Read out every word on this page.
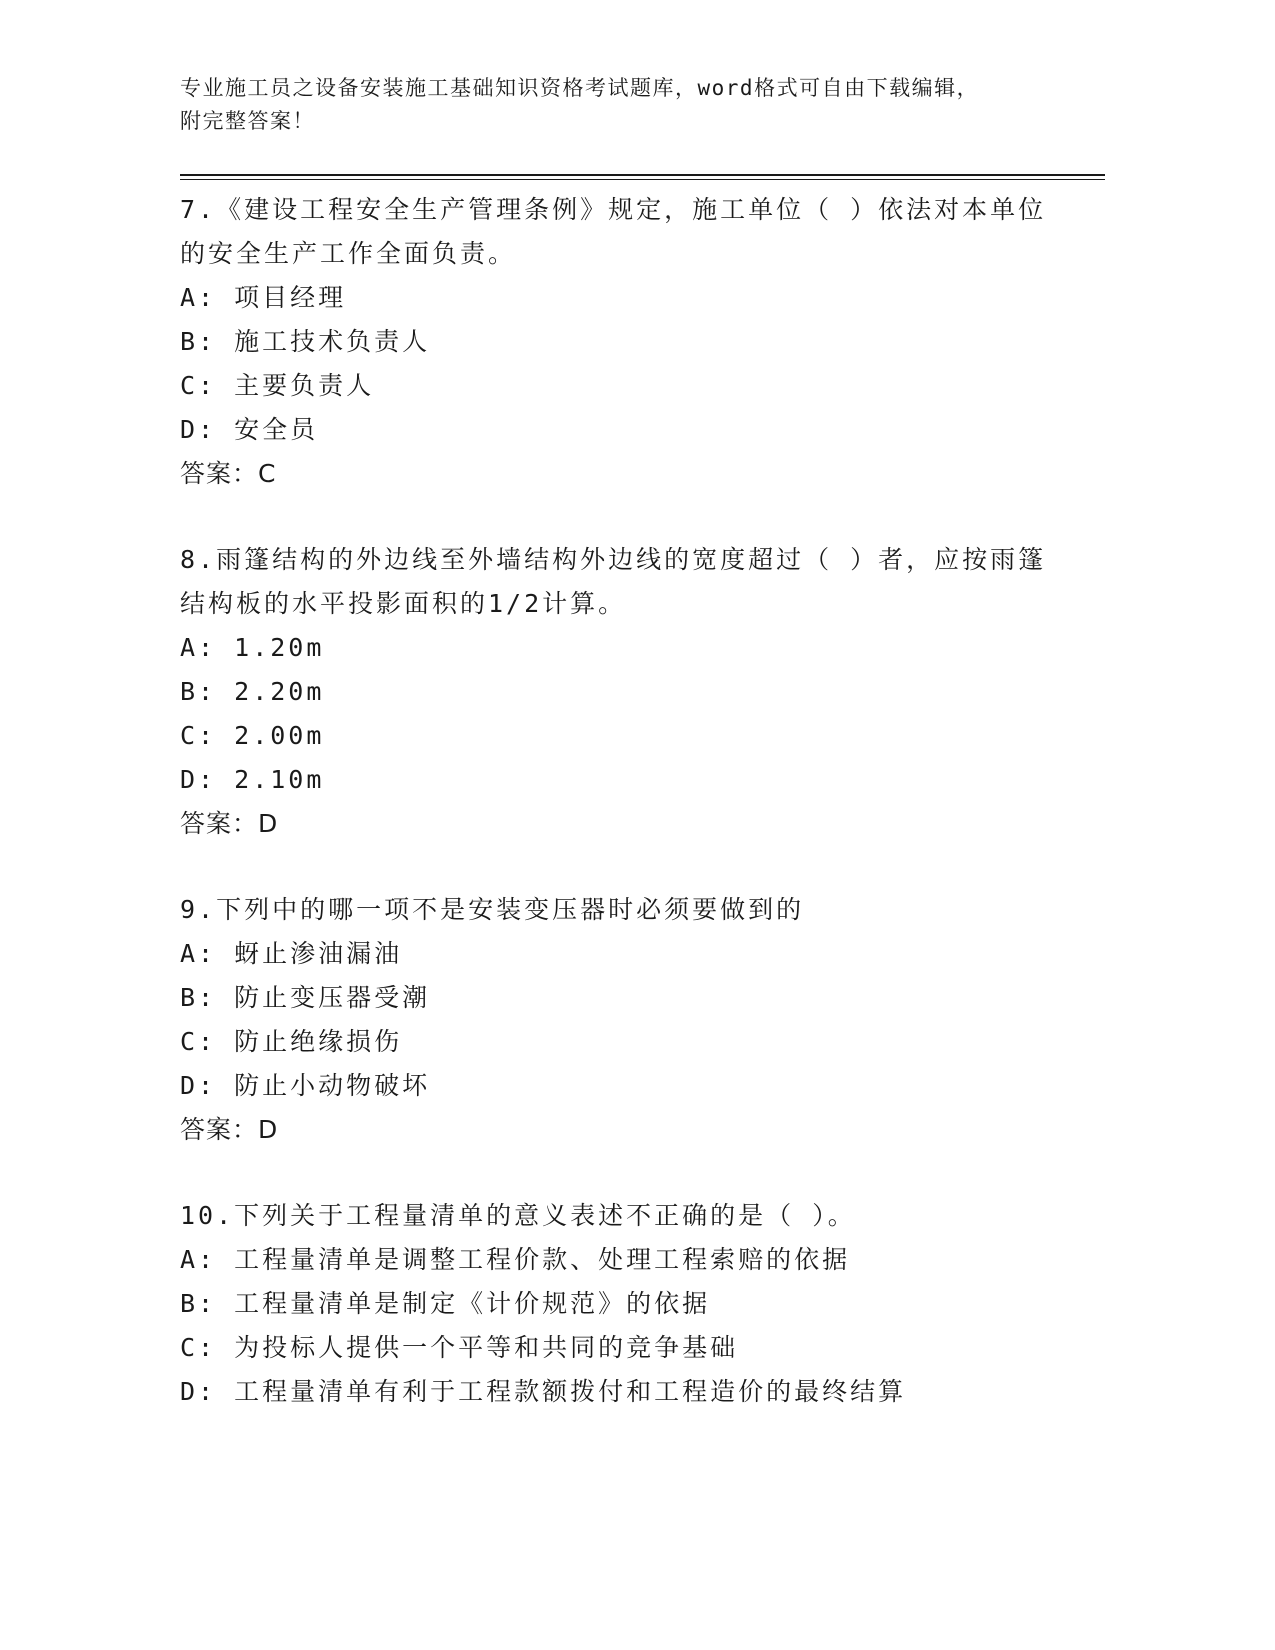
专业施工员之设备安装施工基础知识资格考试题库，word格式可自由下载编辑，
附完整答案！
7.《建设工程安全生产管理条例》规定，施工单位（ ）依法对本单位
的安全生产工作全面负责。
A: 项目经理
B: 施工技术负责人
C: 主要负责人
D: 安全员
答案：C
8.雨篷结构的外边线至外墙结构外边线的宽度超过（ ）者，应按雨篷
结构板的水平投影面积的1/2计算。
A: 1.20m
B: 2.20m
C: 2.00m
D: 2.10m
答案：D
9.下列中的哪一项不是安装变压器时必须要做到的
A: 蚜止渗油漏油
B: 防止变压器受潮
C: 防止绝缘损伤
D: 防止小动物破坏
答案：D
10.下列关于工程量清单的意义表述不正确的是（ ）。
A: 工程量清单是调整工程价款、处理工程索赔的依据
B: 工程量清单是制定《计价规范》的依据
C: 为投标人提供一个平等和共同的竞争基础
D: 工程量清单有利于工程款额拨付和工程造价的最终结算
